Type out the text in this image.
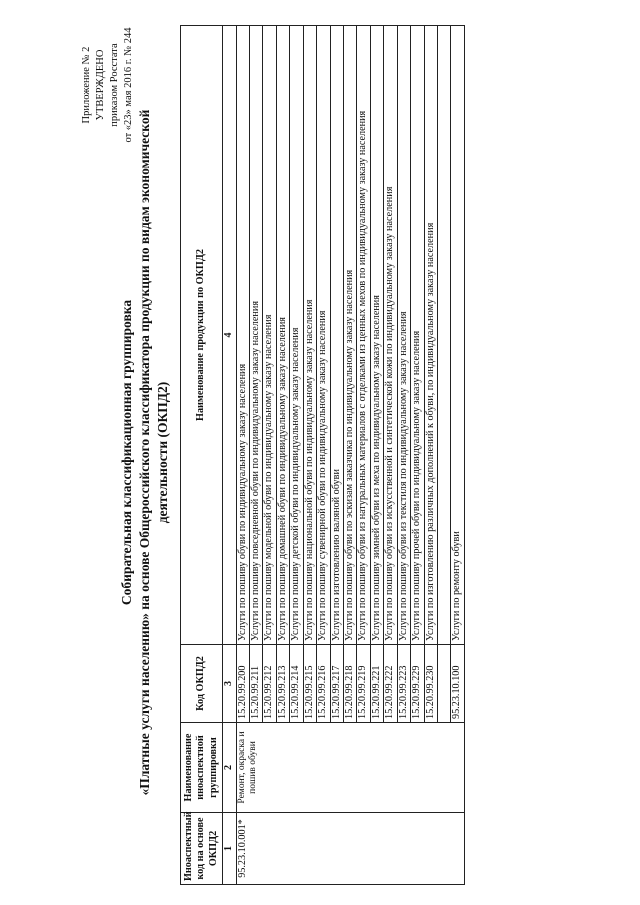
Приложение № 2 УТВЕРЖДЕНО приказом Росстата от «23» мая 2016 г. № 244
Собирательная классификационная группировка «Платные услуги населению» на основе Общероссийского классификатора продукции по видам экономической деятельности (ОКПД2)
Иноаспектный код на основе ОКПД2	Наименование иноаспектной группировки	Код ОКПД2	Наименование продукции по ОКПД2
1	2	3	4
95.23.10.001*	Ремонт, окраска и пошив обуви	15.20.99.200	Услуги по пошиву обуви по индивидуальному заказу населения
		15.20.99.211	Услуги по пошиву повседневной обуви по индивидуальному заказу населения
		15.20.99.212	Услуги по пошиву модельной обуви по индивидуальному заказу населения
		15.20.99.213	Услуги по пошиву домашней обуви по индивидуальному заказу населения
		15.20.99.214	Услуги по пошиву детской обуви по индивидуальному заказу населения
		15.20.99.215	Услуги по пошиву национальной обуви по индивидуальному заказу населения
		15.20.99.216	Услуги по пошиву сувенирной обуви по индивидуальному заказу населения
		15.20.99.217	Услуги по изготовлению валяной обуви
		15.20.99.218	Услуги по пошиву обуви по эскизам заказчика по индивидуальному заказу населения
		15.20.99.219	Услуги по пошиву обуви из натуральных материалов с отделками из ценных мехов по индивидуальному заказу населения
		15.20.99.221	Услуги по пошиву зимней обуви из меха по индивидуальному заказу населения
		15.20.99.222	Услуги по пошиву обуви из искусственной и синтетической кожи по индивидуальному заказу населения
		15.20.99.223	Услуги по пошиву обуви из текстиля по индивидуальному заказу населения
		15.20.99.229	Услуги по пошиву прочей обуви по индивидуальному заказу населения
		15.20.99.230	Услуги по изготовлению различных дополнений к обуви, по индивидуальному заказу населения

		95.23.10.100	Услуги по ремонту обуви
